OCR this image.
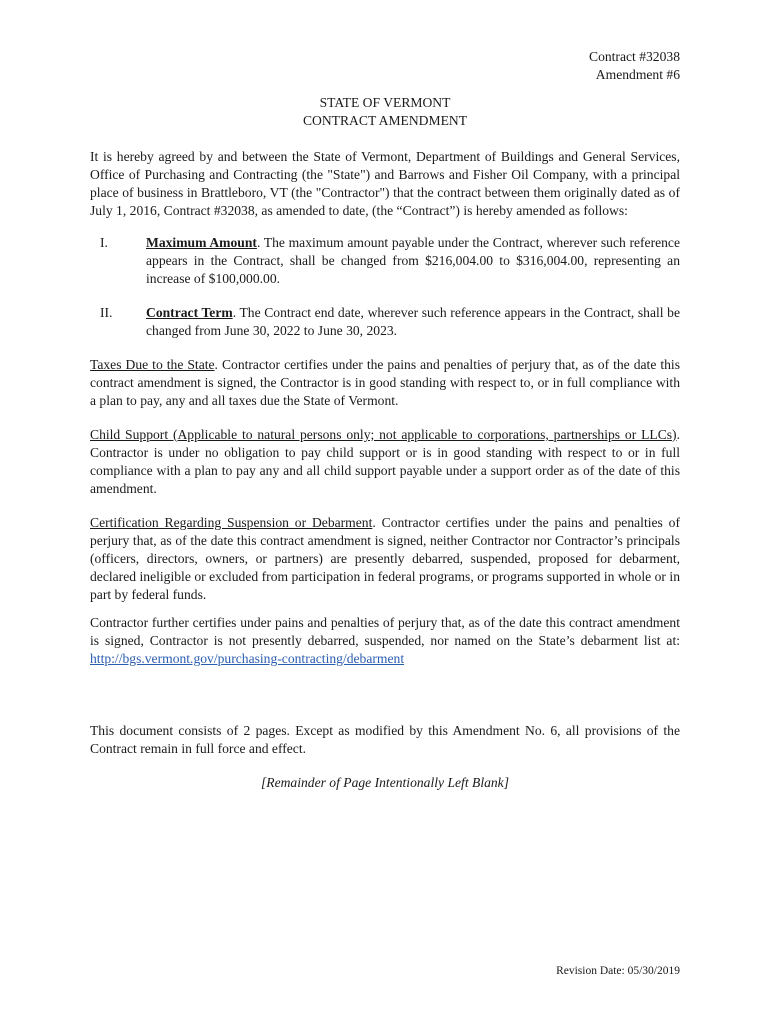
Contract #32038
Amendment #6
STATE OF VERMONT
CONTRACT AMENDMENT

It is hereby agreed by and between the State of Vermont, Department of Buildings and General Services, Office of Purchasing and Contracting (the "State") and Barrows and Fisher Oil Company, with a principal place of business in Brattleboro, VT (the "Contractor") that the contract between them originally dated as of July 1, 2016, Contract #32038, as amended to date, (the “Contract”) is hereby amended as follows:

I.	Maximum Amount. The maximum amount payable under the Contract, wherever such reference appears in the Contract, shall be changed from $216,004.00 to $316,004.00, representing an increase of $100,000.00.
II.	Contract Term. The Contract end date, wherever such reference appears in the Contract, shall be changed from June 30, 2022 to June 30, 2023.

Taxes Due to the State. Contractor certifies under the pains and penalties of perjury that, as of the date this contract amendment is signed, the Contractor is in good standing with respect to, or in full compliance with a plan to pay, any and all taxes due the State of Vermont.

Child Support (Applicable to natural persons only; not applicable to corporations, partnerships or LLCs). Contractor is under no obligation to pay child support or is in good standing with respect to or in full compliance with a plan to pay any and all child support payable under a support order as of the date of this amendment.

Certification Regarding Suspension or Debarment. Contractor certifies under the pains and penalties of perjury that, as of the date this contract amendment is signed, neither Contractor nor Contractor’s principals (officers, directors, owners, or partners) are presently debarred, suspended, proposed for debarment, declared ineligible or excluded from participation in federal programs, or programs supported in whole or in part by federal funds.

Contractor further certifies under pains and penalties of perjury that, as of the date this contract amendment is signed, Contractor is not presently debarred, suspended, nor named on the State’s debarment list at: http://bgs.vermont.gov/purchasing-contracting/debarment

This document consists of 2 pages. Except as modified by this Amendment No. 6, all provisions of the Contract remain in full force and effect.

[Remainder of Page Intentionally Left Blank]

Revision Date: 05/30/2019
